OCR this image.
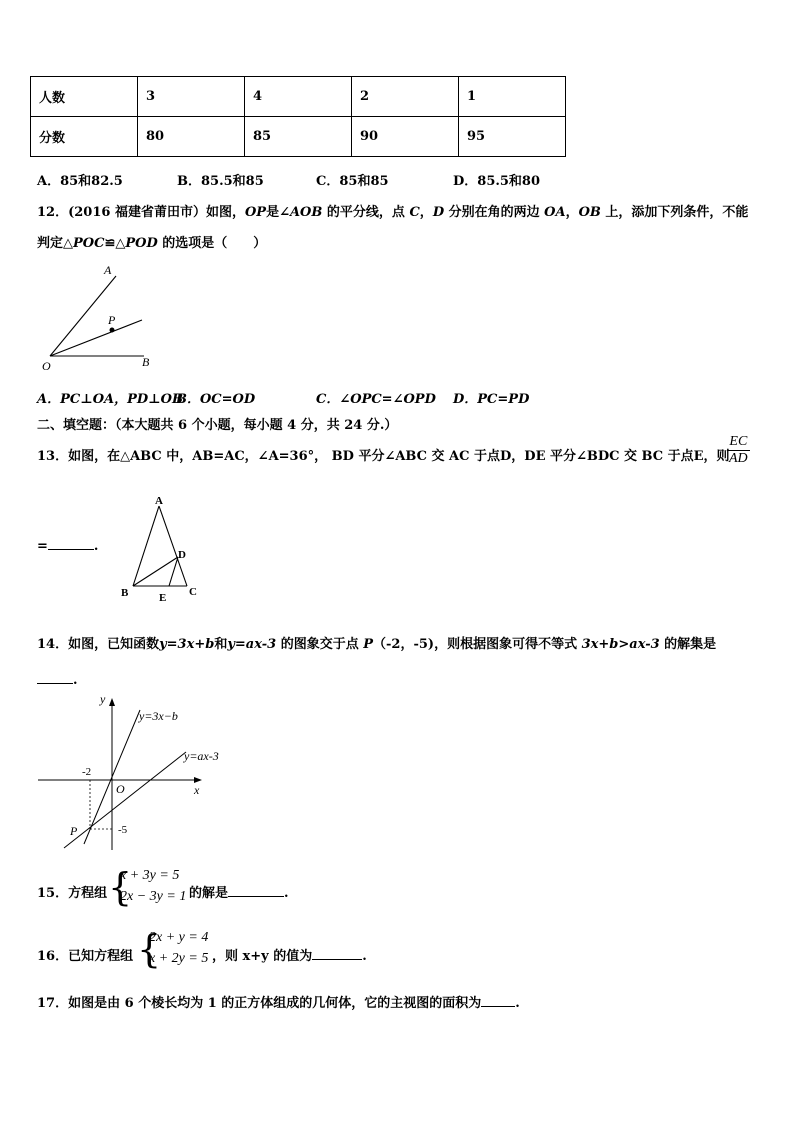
人数	3	4	2	1
分数	80	85	90	95
A．85和82.5	B．85.5和85	C．85和85	D．85.5和80
12．(2016 福建省莆田市）如图，OP是∠AOB 的平分线，点 C，D 分别在角的两边 OA，OB 上，添加下列条件，不能
判定△POC≌△POD 的选项是（　　）
A
P
O	B
A．PC⊥OA，PD⊥OB
B．OC=OD	C．∠OPC=∠OPD D．PC=PD
二、填空题：（本大题共 6 个小题，每小题 4 分，共 24 分.）
13．如图，在△ABC 中，AB=AC，∠A=36°， BD 平分∠ABC 交 AC 于点D，DE 平分∠BDC 交 BC 于点E，则
$\frac{EC}{AD}$
=	.
A
D
B	E C
14．如图，已知函数y=3x+b和y=ax-3 的图象交于点 P（-2，-5)，则根据图象可得不等式 3x+b>ax-3 的解集是
.
y
y=3x−b
y=ax-3
-2
O	x
P	-5
15．方程组 {
x + 3y = 5
2x − 3y = 1 的解是	.
16．已知方程组 {
2x + y = 4
x + 2y = 5 ，则 x+y 的值为	.
17．如图是由 6 个棱长均为 1 的正方体组成的几何体，它的主视图的面积为	.
